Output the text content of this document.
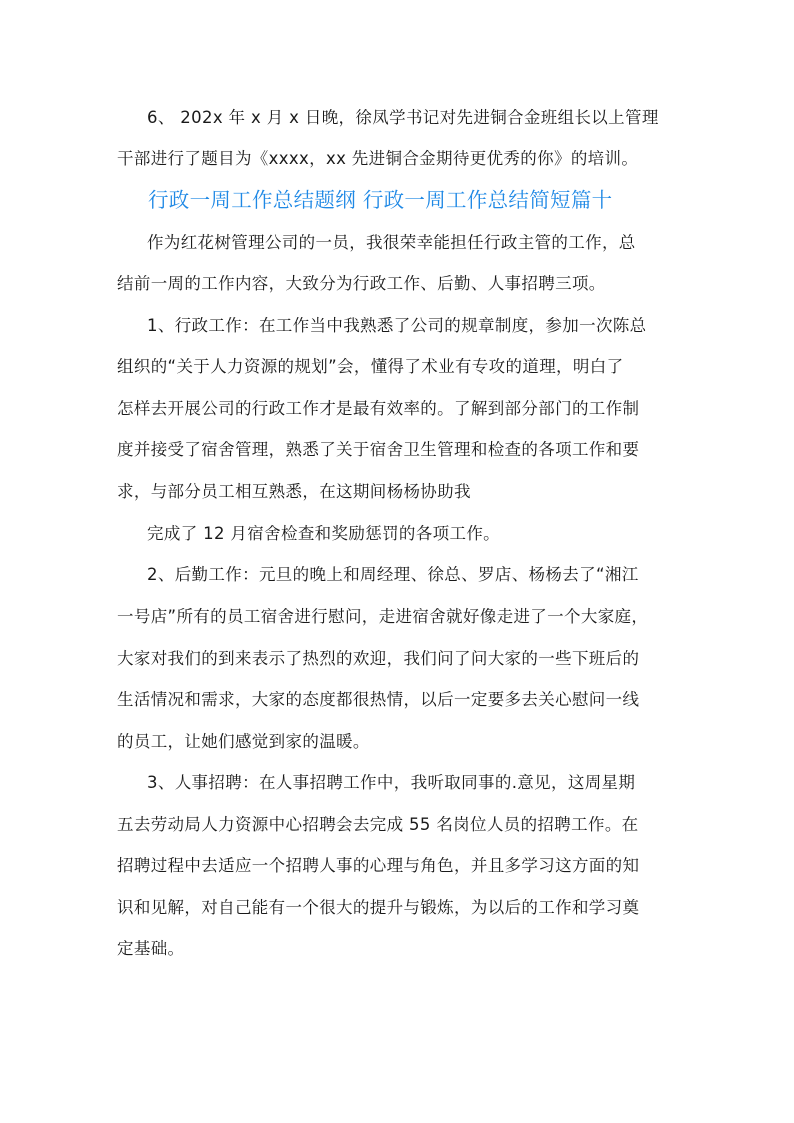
6、 202x 年 x 月 x 日晚，徐凤学书记对先进铜合金班组长以上管理
干部进行了题目为《xxxx，xx 先进铜合金期待更优秀的你》的培训。
行政一周工作总结题纲 行政一周工作总结简短篇十
作为红花树管理公司的一员，我很荣幸能担任行政主管的工作，总
结前一周的工作内容，大致分为行政工作、后勤、人事招聘三项。
1、行政工作：在工作当中我熟悉了公司的规章制度，参加一次陈总
组织的“关于人力资源的规划”会，懂得了术业有专攻的道理，明白了
怎样去开展公司的行政工作才是最有效率的。了解到部分部门的工作制
度并接受了宿舍管理，熟悉了关于宿舍卫生管理和检查的各项工作和要
求，与部分员工相互熟悉，在这期间杨杨协助我
完成了 12 月宿舍检查和奖励惩罚的各项工作。
2、后勤工作：元旦的晚上和周经理、徐总、罗店、杨杨去了“湘江
一号店”所有的员工宿舍进行慰问，走进宿舍就好像走进了一个大家庭，
大家对我们的到来表示了热烈的欢迎，我们问了问大家的一些下班后的
生活情况和需求，大家的态度都很热情，以后一定要多去关心慰问一线
的员工，让她们感觉到家的温暖。
3、人事招聘：在人事招聘工作中，我听取同事的.意见，这周星期
五去劳动局人力资源中心招聘会去完成 55 名岗位人员的招聘工作。在
招聘过程中去适应一个招聘人事的心理与角色，并且多学习这方面的知
识和见解，对自己能有一个很大的提升与锻炼，为以后的工作和学习奠
定基础。
